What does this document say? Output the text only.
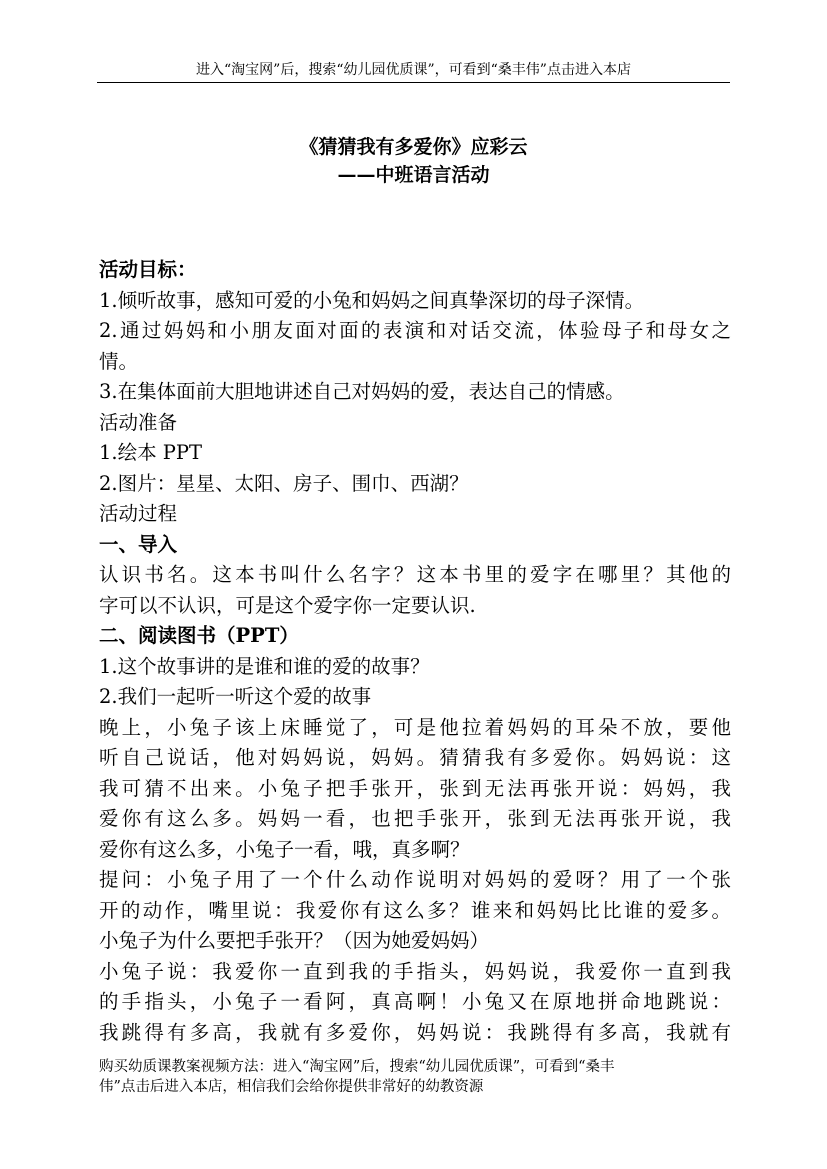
进入“淘宝网”后，搜索“幼儿园优质课”，可看到“桑丰伟”点击进入本店
《猜猜我有多爱你》应彩云
——中班语言活动
活动目标：
1.倾听故事，感知可爱的小兔和妈妈之间真挚深切的母子深情。
2.通过妈妈和小朋友面对面的表演和对话交流，体验母子和母女之
情。
3.在集体面前大胆地讲述自己对妈妈的爱，表达自己的情感。
活动准备
1.绘本 PPT
2.图片：星星、太阳、房子、围巾、西湖？
活动过程
一、导入
认识书名。这本书叫什么名字？这本书里的爱字在哪里？其他的
字可以不认识，可是这个爱字你一定要认识.
二、阅读图书（PPT）
1.这个故事讲的是谁和谁的爱的故事？
2.我们一起听一听这个爱的故事
晚上，小兔子该上床睡觉了，可是他拉着妈妈的耳朵不放，要他
听自己说话，他对妈妈说，妈妈。猜猜我有多爱你。妈妈说：这
我可猜不出来。小兔子把手张开，张到无法再张开说：妈妈，我
爱你有这么多。妈妈一看，也把手张开，张到无法再张开说，我
爱你有这么多，小兔子一看，哦，真多啊？
提问：小兔子用了一个什么动作说明对妈妈的爱呀？用了一个张
开的动作，嘴里说：我爱你有这么多？谁来和妈妈比比谁的爱多。
小兔子为什么要把手张开？（因为她爱妈妈）
小兔子说：我爱你一直到我的手指头，妈妈说，我爱你一直到我
的手指头，小兔子一看阿，真高啊！小兔又在原地拼命地跳说：
我跳得有多高，我就有多爱你，妈妈说：我跳得有多高，我就有
购买幼质课教案视频方法：进入“淘宝网”后，搜索“幼儿园优质课”，可看到“桑丰
伟”点击后进入本店，相信我们会给你提供非常好的幼教资源
